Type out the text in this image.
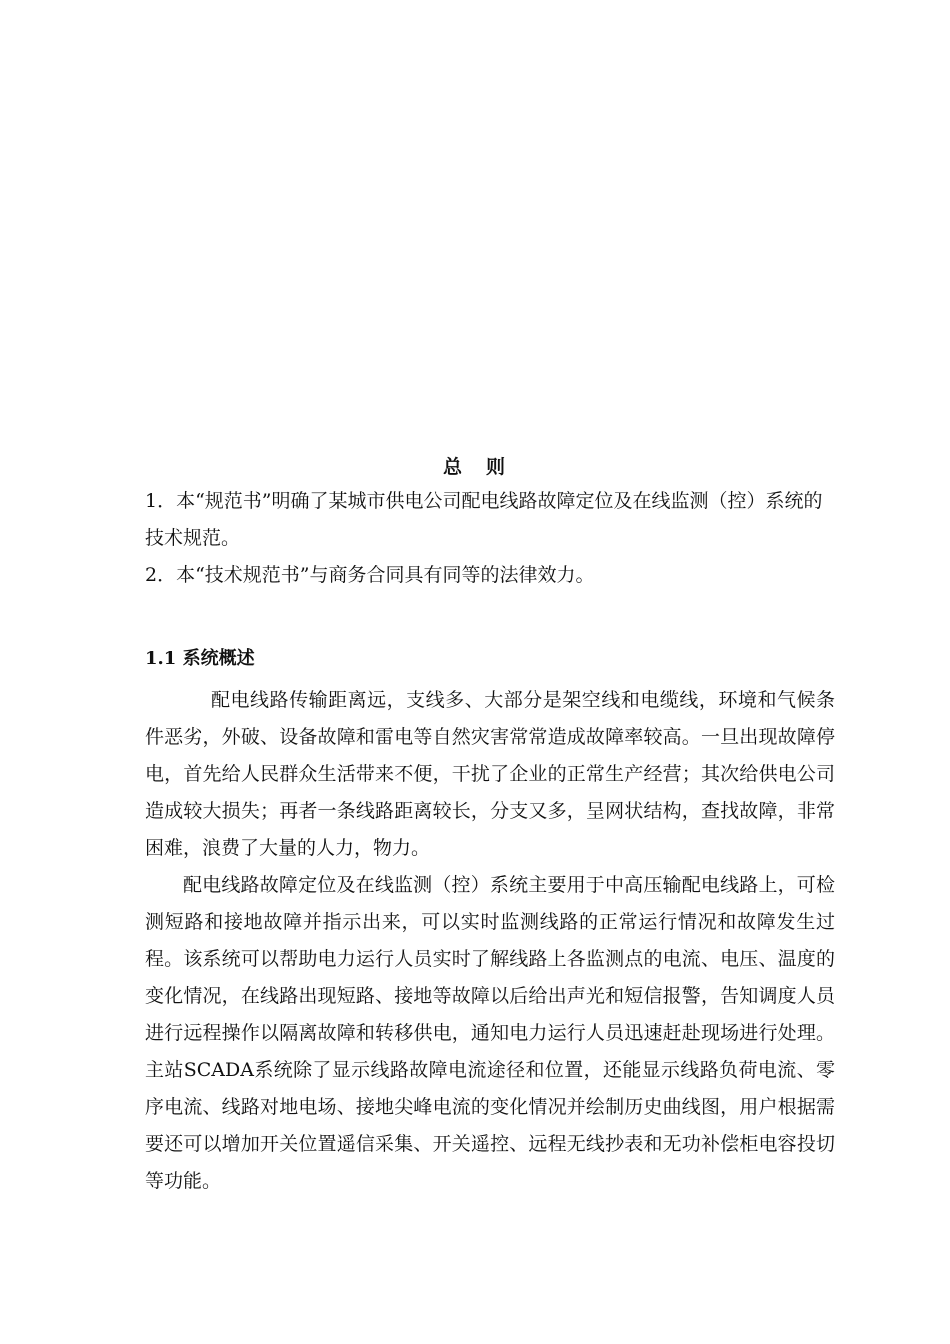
总 则

1．本“规范书”明确了某城市供电公司配电线路故障定位及在线监测（控）系统的技术规范。

2．本“技术规范书”与商务合同具有同等的法律效力。

1.1 系统概述

配电线路传输距离远，支线多、大部分是架空线和电缆线，环境和气候条件恶劣，外破、设备故障和雷电等自然灾害常常造成故障率较高。一旦出现故障停电，首先给人民群众生活带来不便，干扰了企业的正常生产经营；其次给供电公司造成较大损失；再者一条线路距离较长，分支又多，呈网状结构，查找故障，非常困难，浪费了大量的人力，物力。

配电线路故障定位及在线监测（控）系统主要用于中高压输配电线路上，可检测短路和接地故障并指示出来，可以实时监测线路的正常运行情况和故障发生过程。该系统可以帮助电力运行人员实时了解线路上各监测点的电流、电压、温度的变化情况，在线路出现短路、接地等故障以后给出声光和短信报警，告知调度人员进行远程操作以隔离故障和转移供电，通知电力运行人员迅速赶赴现场进行处理。主站SCADA系统除了显示线路故障电流途径和位置，还能显示线路负荷电流、零序电流、线路对地电场、接地尖峰电流的变化情况并绘制历史曲线图，用户根据需要还可以增加开关位置遥信采集、开关遥控、远程无线抄表和无功补偿柜电容投切等功能。
